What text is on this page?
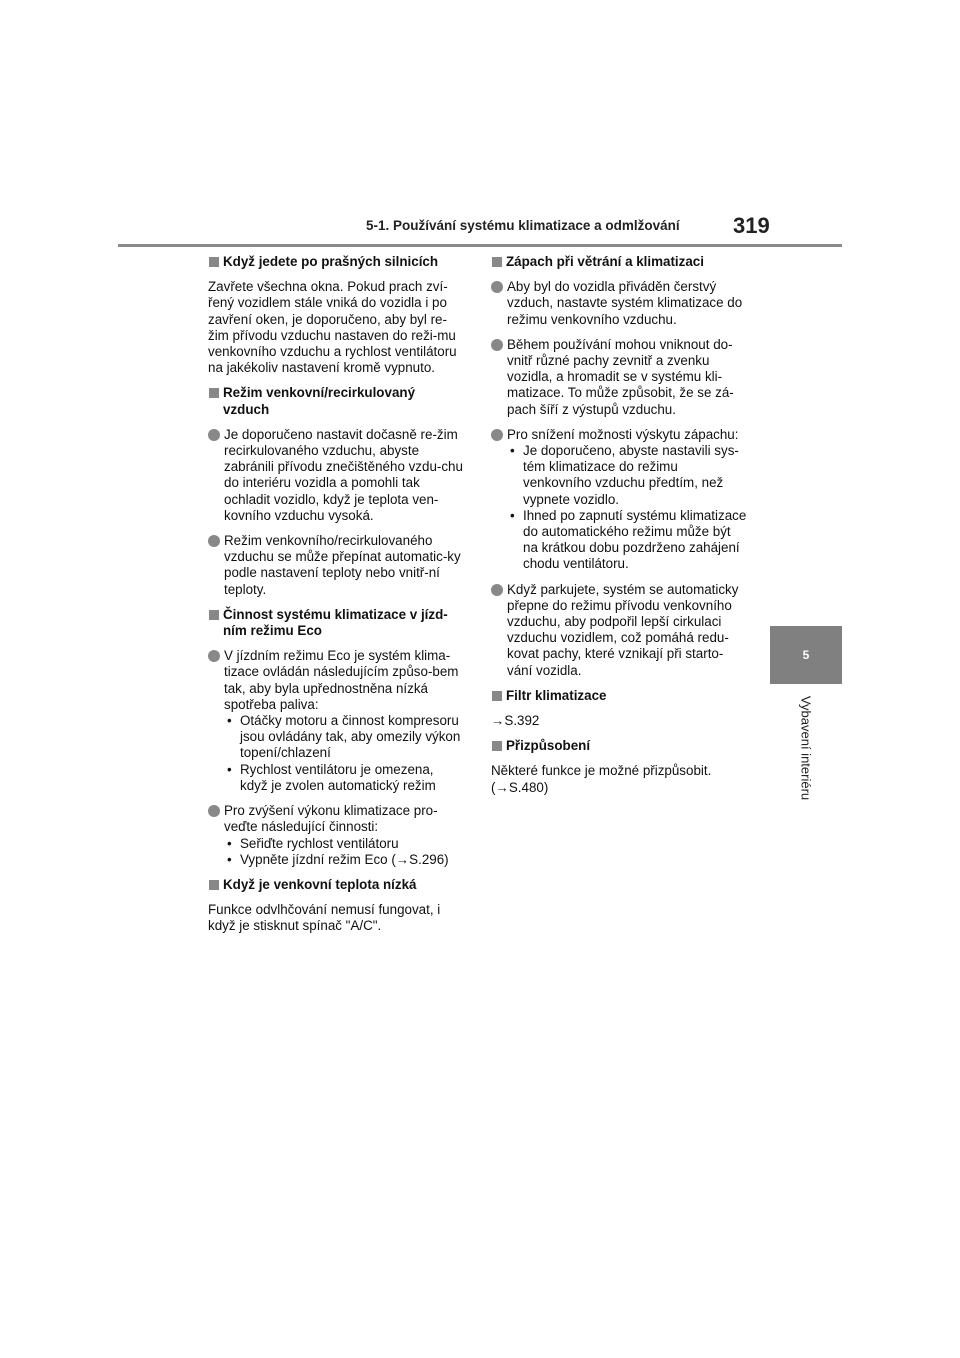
5-1. Používání systému klimatizace a odmlžování 319
5
Vybavení interiéru
Když jedete po prašných silnicích

Zavřete všechna okna. Pokud prach zví-řený vozidlem stále vniká do vozidla i po zavření oken, je doporučeno, aby byl re-žim přívodu vzduchu nastaven do reži-mu venkovního vzduchu a rychlost ventilátoru na jakékoliv nastavení kromě vypnuto.

Režim venkovní/recirkulovaný vzduch
Je doporučeno nastavit dočasně re-žim recirkulovaného vzduchu, abyste zabránili přívodu znečištěného vzdu-chu do interiéru vozidla a pomohli tak ochladit vozidlo, když je teplota ven-kovního vzduchu vysoká.
Režim venkovního/recirkulovaného vzduchu se může přepínat automatic-ky podle nastavení teploty nebo vnitř-ní teploty.
Činnost systému klimatizace v jízd-ním režimu Eco
V jízdním režimu Eco je systém klima-tizace ovládán následujícím způso-bem tak, aby byla upřednostněna nízká spotřeba paliva:
• Otáčky motoru a činnost kompresoru jsou ovládány tak, aby omezily výkon topení/chlazení
• Rychlost ventilátoru je omezena, když je zvolen automatický režim
Pro zvýšení výkonu klimatizace pro-veďte následující činnosti:
• Seřiďte rychlost ventilátoru
• Vypněte jízdní režim Eco (→S.296)
Když je venkovní teplota nízká

Funkce odvlhčování nemusí fungovat, i když je stisknut spínač "A/C".

Zápach při větrání a klimatizaci
Aby byl do vozidla přiváděn čerstvý vzduch, nastavte systém klimatizace do režimu venkovního vzduchu.
Během používání mohou vniknout do-vnitř různé pachy zevnitř a zvenku vozidla, a hromadit se v systému kli-matizace. To může způsobit, že se zá-pach šíří z výstupů vzduchu.
Pro snížení možnosti výskytu zápachu:
• Je doporučeno, abyste nastavili sys-tém klimatizace do režimu venkovního vzduchu předtím, než vypnete vozidlo.
• Ihned po zapnutí systému klimatizace do automatického režimu může být na krátkou dobu pozdrženo zahájení chodu ventilátoru.
Když parkujete, systém se automaticky přepne do režimu přívodu venkovního vzduchu, aby podpořil lepší cirkulaci vzduchu vozidlem, což pomáhá redu-kovat pachy, které vznikají při starto-vání vozidla.
Filtr klimatizace

→S.392

Přizpůsobení

Některé funkce je možné přizpůsobit. (→S.480)
